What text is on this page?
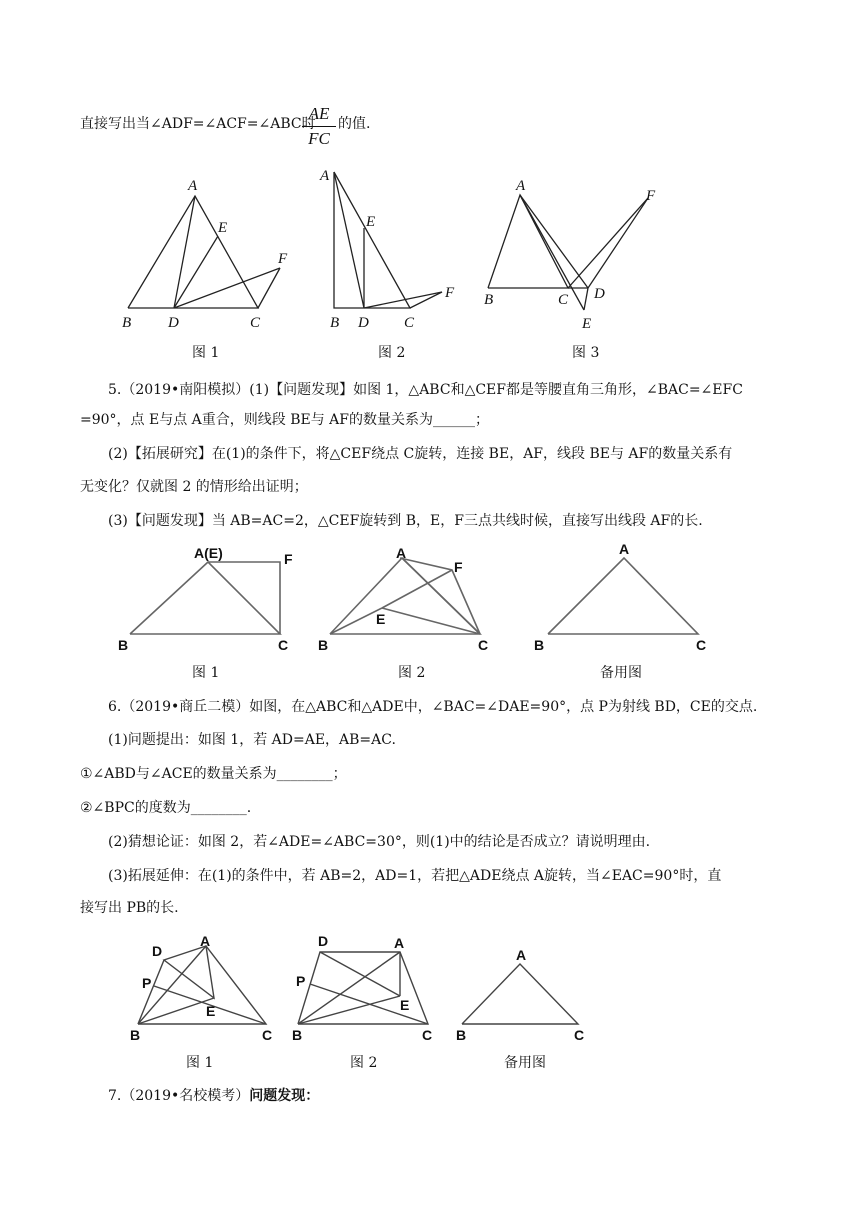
直接写出当∠ADF=∠ACF=∠ABC时
AE
FC
的值.
A
E
F
B D	C
图 1
A
E
F
B D C
图 2
A
F
B	C D
E
图 3
5.（2019•南阳模拟）(1)【问题发现】如图 1，△ABC和△CEF都是等腰直角三角形，∠BAC=∠EFC
=90°，点 E与点 A重合，则线段 BE与 AF的数量关系为______；
(2)【拓展研究】在(1)的条件下，将△CEF绕点 C旋转，连接 BE，AF，线段 BE与 AF的数量关系有
无变化？仅就图 2 的情形给出证明；
(3)【问题发现】当 AB=AC=2，△CEF旋转到 B，E，F三点共线时候，直接写出线段 AF的长.
A(E)	F
B	C
图 1
A
F
E
B	C
图 2
A
B	C
备用图
6.（2019•商丘二模）如图，在△ABC和△ADE中，∠BAC=∠DAE=90°，点 P为射线 BD，CE的交点.
(1)问题提出：如图 1，若 AD=AE，AB=AC.
①∠ABD与∠ACE的数量关系为________；
②∠BPC的度数为________.
(2)猜想论证：如图 2，若∠ADE=∠ABC=30°，则(1)中的结论是否成立？请说明理由.
(3)拓展延伸：在(1)的条件中，若 AB=2，AD=1，若把△ADE绕点 A旋转，当∠EAC=90°时，直
接写出 PB的长.
D
A
P
E
B	C
图 1
D	A
P
E
B	C
图 2
A
B	C
备用图
7.（2019•名校模考）问题发现：
